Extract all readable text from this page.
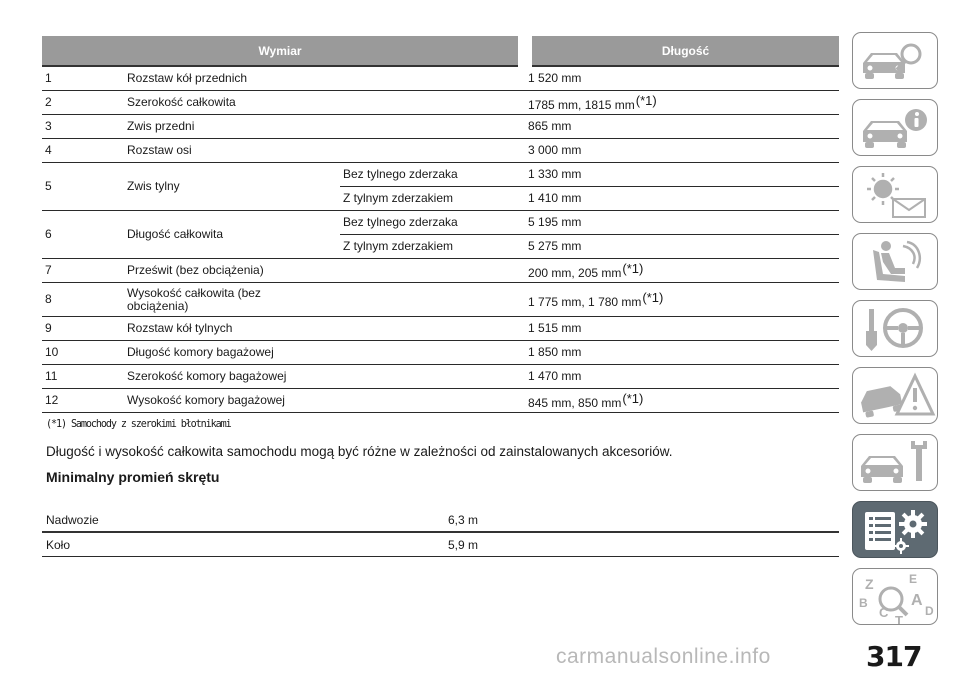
Wymiar			Długość
1	Rozstaw kół przednich		1 520 mm
2	Szerokość całkowita		1785 mm, 1815 $mm^{(*1)}$
3	Zwis przedni		865 mm
4	Rozstaw osi		3 000 mm
5	Zwis tylny	Bez tylnego zderzaka	1 330 mm
		Z tylnym zderzakiem	1 410 mm
6	Długość całkowita	Bez tylnego zderzaka	5 195 mm
		Z tylnym zderzakiem	5 275 mm
7	Prześwit (bez obciążenia)		200 mm, 205 $mm^{(*1)}$
8	Wysokość całkowita (bez obciążenia)		1 775 mm, 1 780 $mm^{(*1)}$
9	Rozstaw kół tylnych		1 515 mm
10	Długość komory bagażowej		1 850 mm
11	Szerokość komory bagażowej		1 470 mm
12	Wysokość komory bagażowej		845 mm, 850 $mm^{(*1)}$
(*1) Samochody z szerokimi błotnikami
Długość i wysokość całkowita samochodu mogą być różne w zależności od zainstalowanych akcesoriów.
Minimalny promień skrętu
Nadwozie	6,3 m
Koło	5,9 m
Z	E
B	A
C	D
T
carmanualsonline.info	317
